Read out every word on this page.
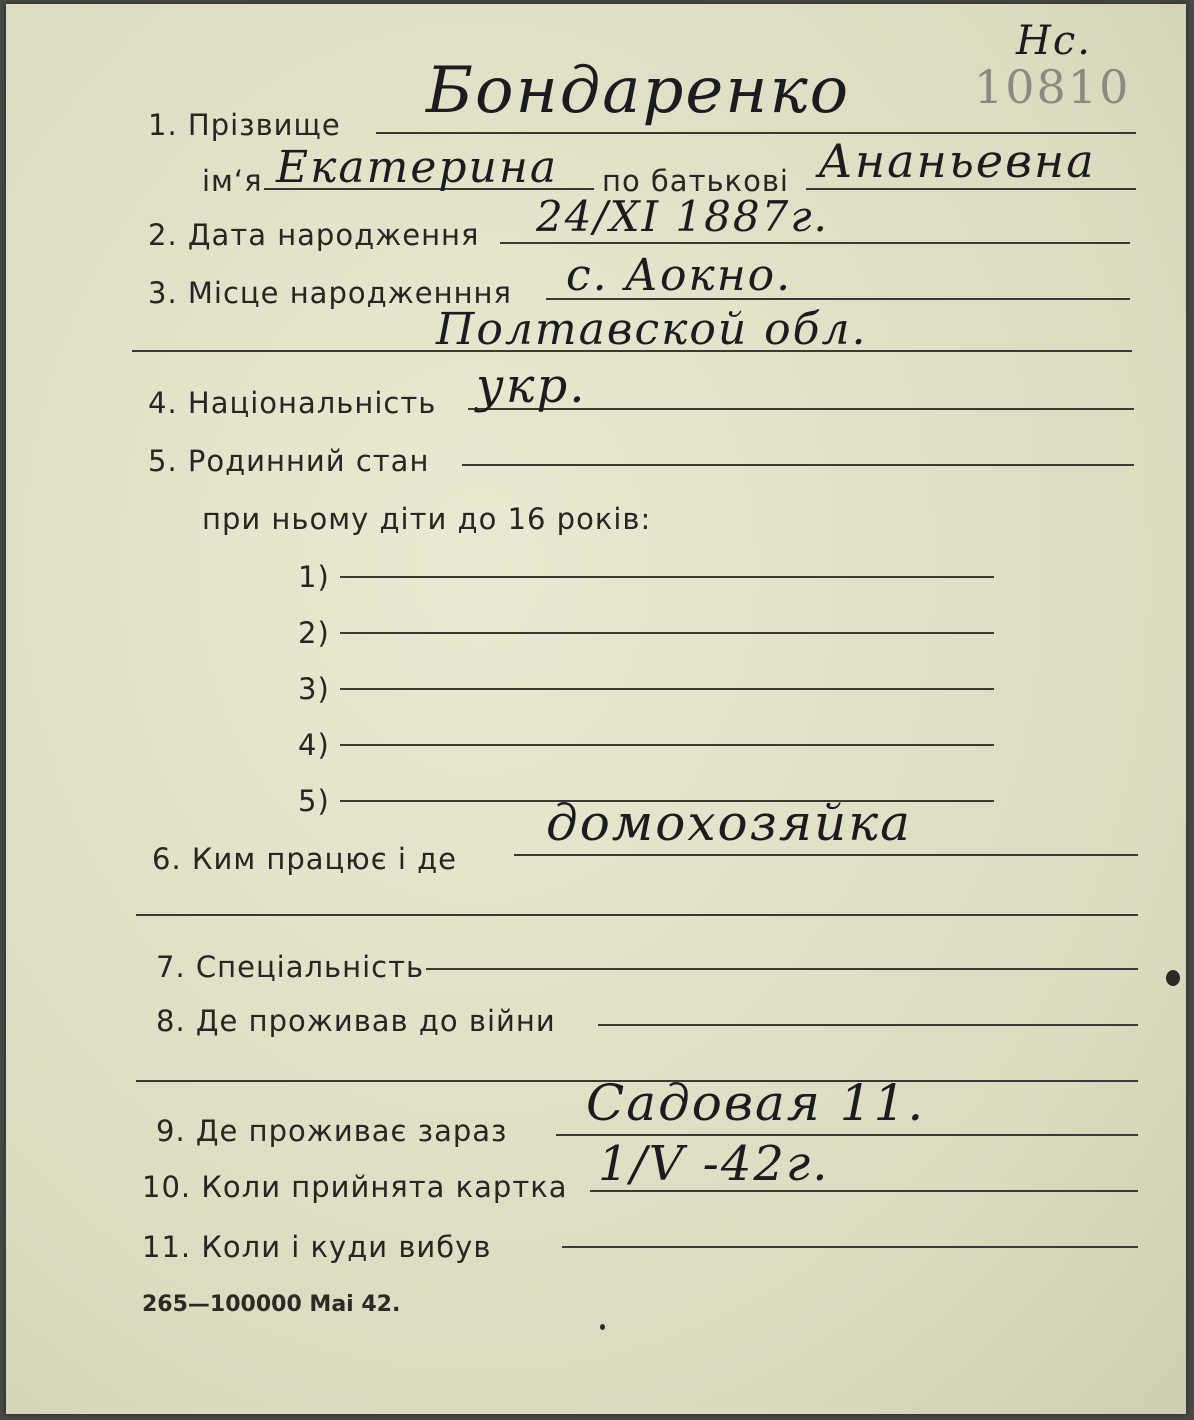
Нс.
10810
1. Прізвище Бондаренко
ім‘я Екатерина по батькові Ананьевна
2. Дата народження 24/XI 1887г.
3. Місце народженння с. Аокно.
Полтавской обл.
4. Національність укр.
5. Родинний стан
при ньому діти до 16 років:
1)
2)
3)
4)
5)
6. Ким працює і де
домохозяйка
7. Спеціальність
8. Де проживав до війни
9. Де проживає зараз Садовая 11.
10. Коли прийнята картка 1/V -42г.
11. Коли і куди вибув
265—100000 Mai 42.
